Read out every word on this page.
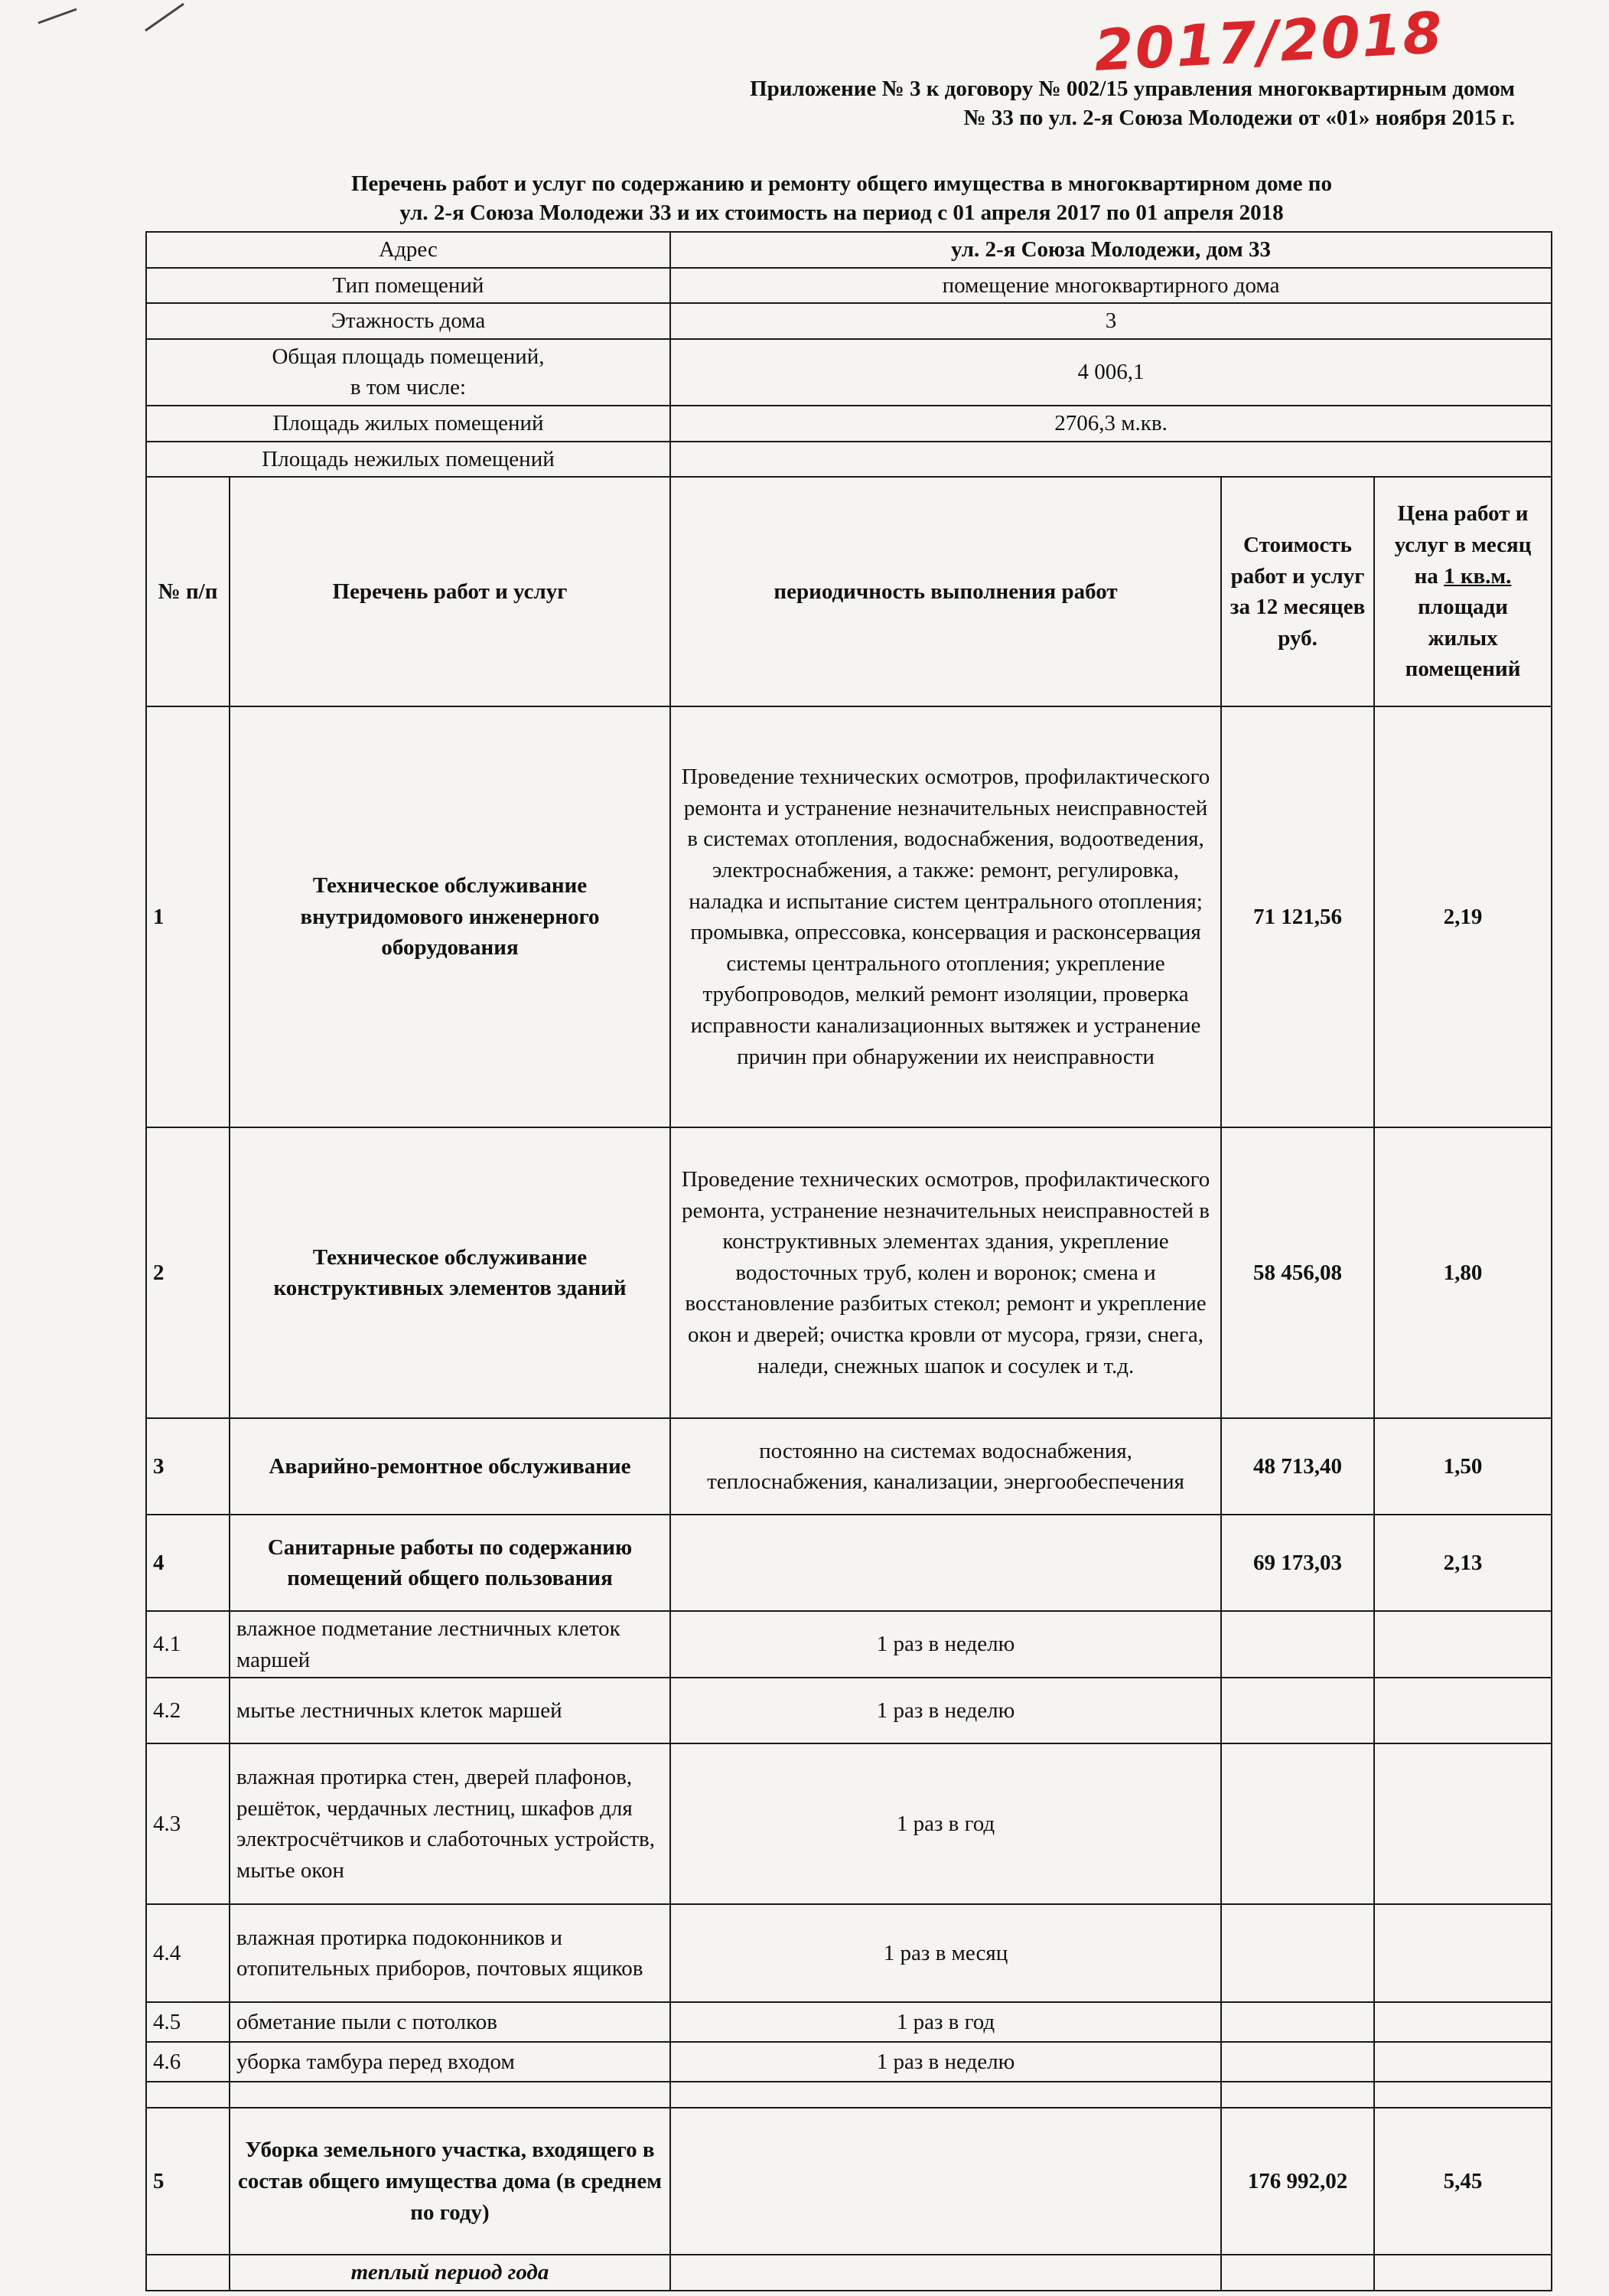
2017/2018
Приложение № 3 к договору № 002/15 управления многоквартирным домом
№ 33 по ул. 2-я Союза Молодежи от «01» ноября 2015 г.
Перечень работ и услуг по содержанию и ремонту общего имущества в многоквартирном доме по
ул. 2-я Союза Молодежи 33 и их стоимость на период с 01 апреля 2017 по 01 апреля 2018
Адрес		ул. 2-я Союза Молодежи, дом 33		
Тип помещений		помещение многоквартирного дома		
Этажность дома		3		

Общая площадь помещений,
в том числе:		4 006,1		
Площадь жилых помещений		2706,3 м.кв.		
Площадь нежилых помещений				
№ п/п	Перечень работ и услуг	периодичность выполнения работ	Стоимость работ и услуг за 12 месяцев руб.	Цена работ и услуг в месяц на 1 кв.м. площади жилых помещений
1	Техническое обслуживание внутридомового инженерного оборудования	Проведение технических осмотров, профилактического ремонта и устранение незначительных неисправностей в системах отопления, водоснабжения, водоотведения, электроснабжения, а также: ремонт, регулировка, наладка и испытание систем центрального отопления; промывка, опрессовка, консервация и расконсервация системы центрального отопления; укрепление трубопроводов, мелкий ремонт изоляции, проверка исправности канализационных вытяжек и устранение причин при обнаружении их неисправности	71 121,56	2,19
2	Техническое обслуживание конструктивных элементов зданий	Проведение технических осмотров, профилактического ремонта, устранение незначительных неисправностей в конструктивных элементах здания, укрепление водосточных труб, колен и воронок; смена и восстановление разбитых стекол; ремонт и укрепление окон и дверей; очистка кровли от мусора, грязи, снега, наледи, снежных шапок и сосулек и т.д.	58 456,08	1,80
3	Аварийно-ремонтное обслуживание	постоянно на системах водоснабжения, теплоснабжения, канализации, энергообеспечения	48 713,40	1,50
4	Санитарные работы по содержанию помещений общего пользования		69 173,03	2,13
4.1	влажное подметание лестничных клеток маршей	1 раз в неделю		
4.2	мытье лестничных клеток маршей	1 раз в неделю		
4.3	влажная протирка стен, дверей плафонов, решёток, чердачных лестниц, шкафов для электросчётчиков и слаботочных устройств, мытье окон	1 раз в год		
4.4	влажная протирка подоконников и отопительных приборов, почтовых ящиков	1 раз в месяц		
4.5	обметание пыли с потолков	1 раз в год		
4.6	уборка тамбура перед входом	1 раз в неделю		

5	Уборка земельного участка, входящего в состав общего имущества дома (в среднем по году)		176 992,02	5,45
	теплый период года			
